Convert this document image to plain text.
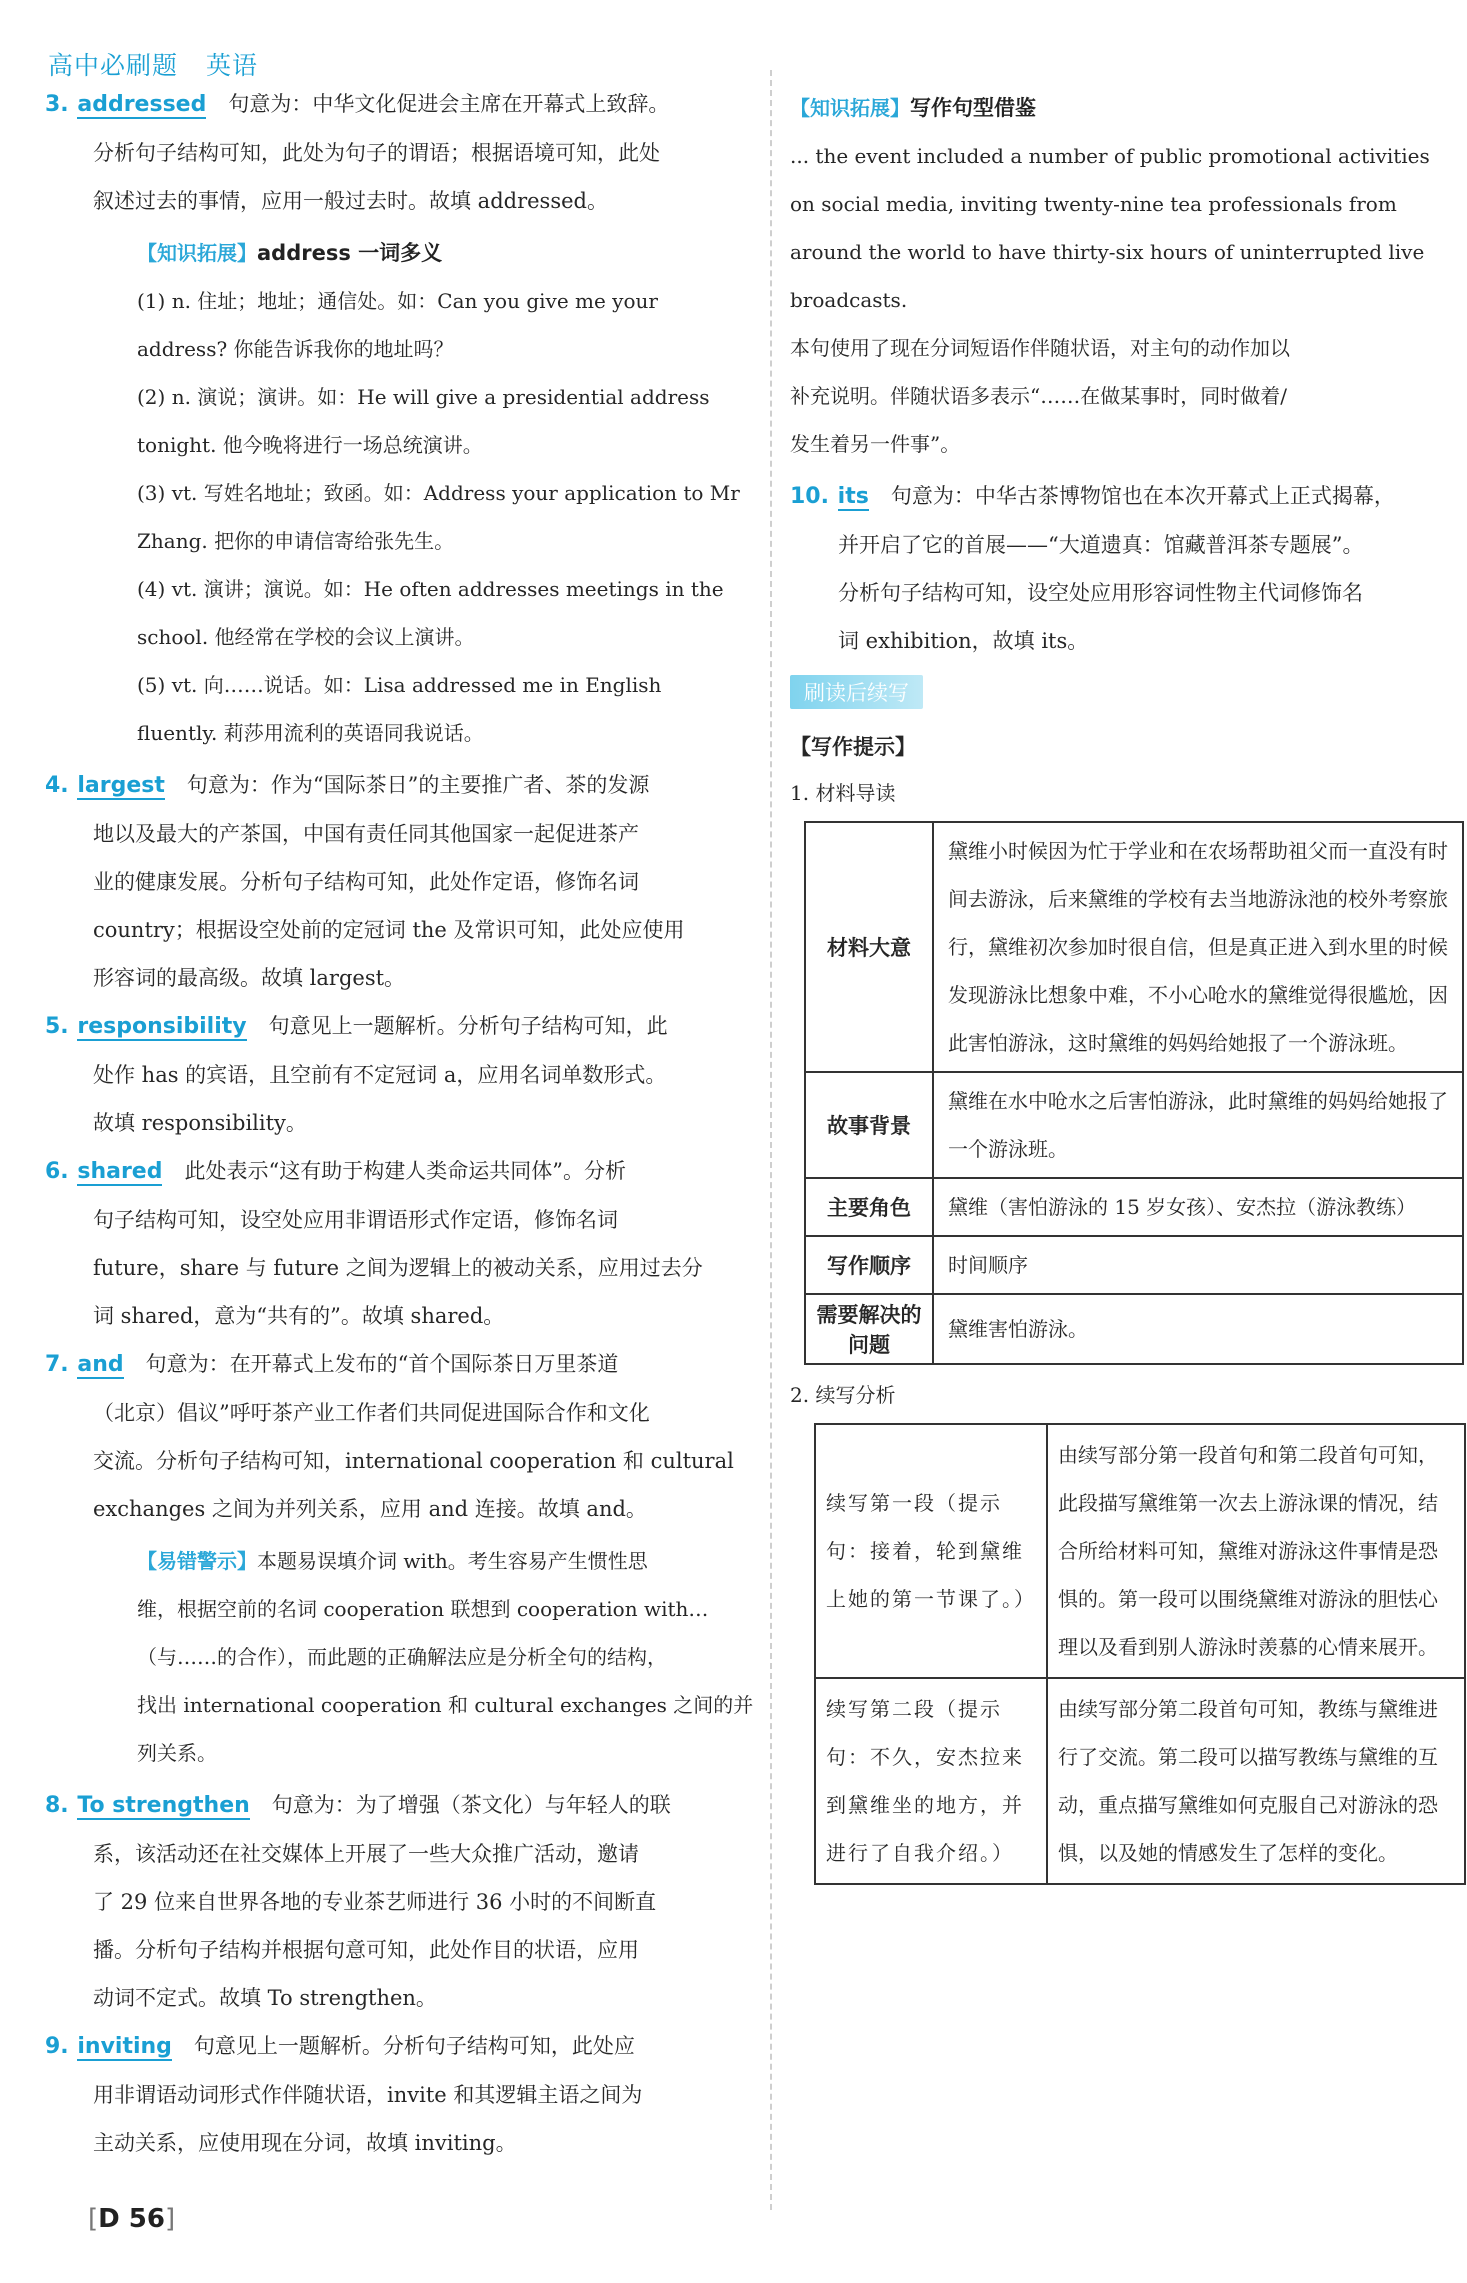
高中必刷题 英语

3. addressed 句意为：中华文化促进会主席在开幕式上致辞。

分析句子结构可知，此处为句子的谓语；根据语境可知，此处

叙述过去的事情，应用一般过去时。故填 addressed。

【知识拓展】address 一词多义

(1) n. 住址；地址；通信处。如：Can you give me your

address? 你能告诉我你的地址吗？

(2) n. 演说；演讲。如：He will give a presidential address

tonight. 他今晚将进行一场总统演讲。

(3) vt. 写姓名地址；致函。如：Address your application to Mr

Zhang. 把你的申请信寄给张先生。

(4) vt. 演讲；演说。如：He often addresses meetings in the

school. 他经常在学校的会议上演讲。

(5) vt. 向……说话。如：Lisa addressed me in English

fluently. 莉莎用流利的英语同我说话。

4. largest 句意为：作为“国际茶日”的主要推广者、茶的发源

地以及最大的产茶国，中国有责任同其他国家一起促进茶产

业的健康发展。分析句子结构可知，此处作定语，修饰名词

country；根据设空处前的定冠词 the 及常识可知，此处应使用

形容词的最高级。故填 largest。

5. responsibility 句意见上一题解析。分析句子结构可知，此

处作 has 的宾语，且空前有不定冠词 a，应用名词单数形式。

故填 responsibility。

6. shared 此处表示“这有助于构建人类命运共同体”。分析

句子结构可知，设空处应用非谓语形式作定语，修饰名词

future，share 与 future 之间为逻辑上的被动关系，应用过去分

词 shared，意为“共有的”。故填 shared。

7. and 句意为：在开幕式上发布的“首个国际茶日万里茶道

（北京）倡议”呼吁茶产业工作者们共同促进国际合作和文化

交流。分析句子结构可知，international cooperation 和 cultural

exchanges 之间为并列关系，应用 and 连接。故填 and。

【易错警示】本题易误填介词 with。考生容易产生惯性思

维，根据空前的名词 cooperation 联想到 cooperation with…

（与……的合作），而此题的正确解法应是分析全句的结构，

找出 international cooperation 和 cultural exchanges 之间的并

列关系。

8. To strengthen 句意为：为了增强（茶文化）与年轻人的联

系，该活动还在社交媒体上开展了一些大众推广活动，邀请

了 29 位来自世界各地的专业茶艺师进行 36 小时的不间断直

播。分析句子结构并根据句意可知，此处作目的状语，应用

动词不定式。故填 To strengthen。

9. inviting 句意见上一题解析。分析句子结构可知，此处应

用非谓语动词形式作伴随状语，invite 和其逻辑主语之间为

主动关系，应使用现在分词，故填 inviting。

【知识拓展】写作句型借鉴

... the event included a number of public promotional activities

on social media, inviting twenty-nine tea professionals from

around the world to have thirty-six hours of uninterrupted live

broadcasts.

本句使用了现在分词短语作伴随状语，对主句的动作加以

补充说明。伴随状语多表示“……在做某事时，同时做着/

发生着另一件事”。

10. its 句意为：中华古茶博物馆也在本次开幕式上正式揭幕，

并开启了它的首展——“大道遗真：馆藏普洱茶专题展”。

分析句子结构可知，设空处应用形容词性物主代词修饰名

词 exhibition，故填 its。

刷读后续写
【写作提示】

1. 材料导读

材料大意	黛维小时候因为忙于学业和在农场帮助祖父而一直没有时间去游泳，后来黛维的学校有去当地游泳池的校外考察旅行，黛维初次参加时很自信，但是真正进入到水里的时候发现游泳比想象中难，不小心呛水的黛维觉得很尴尬，因此害怕游泳，这时黛维的妈妈给她报了一个游泳班。
故事背景	黛维在水中呛水之后害怕游泳，此时黛维的妈妈给她报了一个游泳班。
主要角色	黛维（害怕游泳的 15 岁女孩）、安杰拉（游泳教练）
写作顺序	时间顺序
需要解决的问题	黛维害怕游泳。

2. 续写分析

续写第一段（提示句：接着，轮到黛维上她的第一节课了。）	由续写部分第一段首句和第二段首句可知，此段描写黛维第一次去上游泳课的情况，结合所给材料可知，黛维对游泳这件事情是恐惧的。第一段可以围绕黛维对游泳的胆怯心理以及看到别人游泳时羡慕的心情来展开。
续写第二段（提示句：不久，安杰拉来到黛维坐的地方，并进行了自我介绍。）	由续写部分第二段首句可知，教练与黛维进行了交流。第二段可以描写教练与黛维的互动，重点描写黛维如何克服自己对游泳的恐惧，以及她的情感发生了怎样的变化。
[D 56]
